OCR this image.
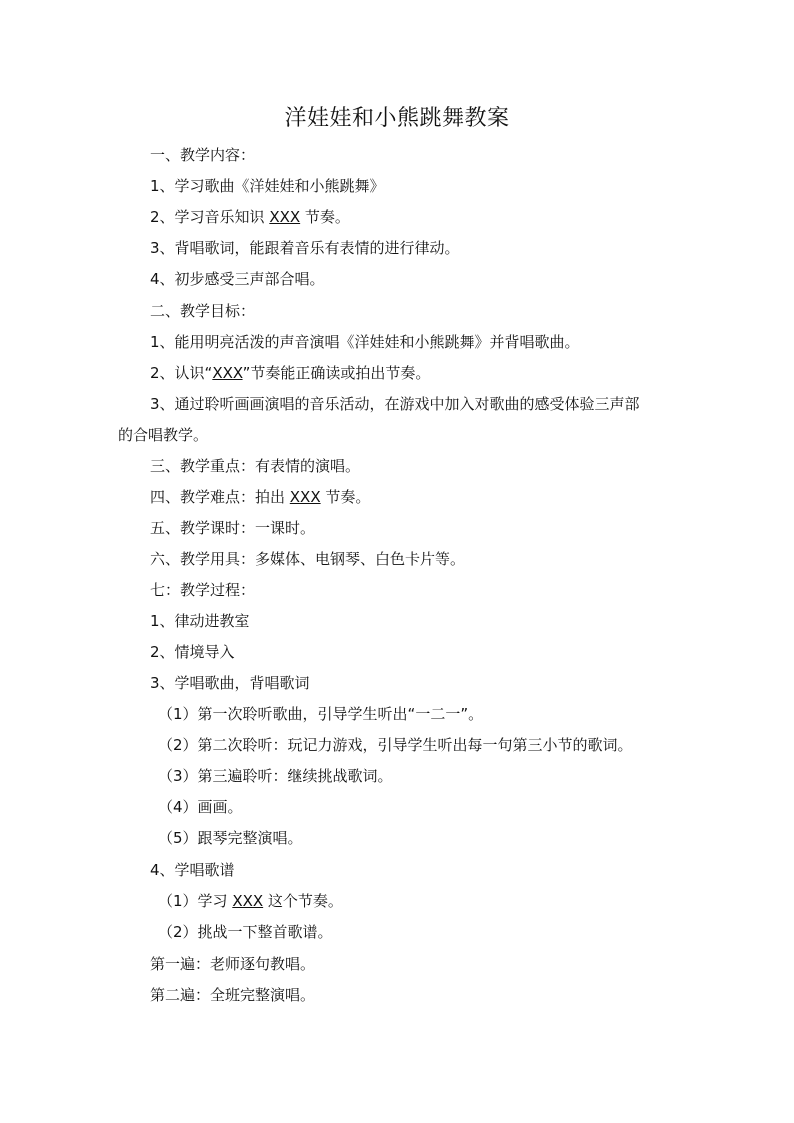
洋娃娃和小熊跳舞教案
一、教学内容：
1、学习歌曲《洋娃娃和小熊跳舞》
2、学习音乐知识 XXX 节奏。
3、背唱歌词，能跟着音乐有表情的进行律动。
4、初步感受三声部合唱。
二、教学目标：
1、能用明亮活泼的声音演唱《洋娃娃和小熊跳舞》并背唱歌曲。
2、认识“XXX”节奏能正确读或拍出节奏。
3、通过聆听画画演唱的音乐活动，在游戏中加入对歌曲的感受体验三声部
的合唱教学。
三、教学重点：有表情的演唱。
四、教学难点：拍出 XXX 节奏。
五、教学课时：一课时。
六、教学用具：多媒体、电钢琴、白色卡片等。
七：教学过程：
1、律动进教室
2、情境导入
3、学唱歌曲，背唱歌词
（1）第一次聆听歌曲，引导学生听出“一二一”。
（2）第二次聆听：玩记力游戏，引导学生听出每一句第三小节的歌词。
（3）第三遍聆听：继续挑战歌词。
（4）画画。
（5）跟琴完整演唱。
4、学唱歌谱
（1）学习 XXX 这个节奏。
（2）挑战一下整首歌谱。
第一遍：老师逐句教唱。
第二遍：全班完整演唱。
